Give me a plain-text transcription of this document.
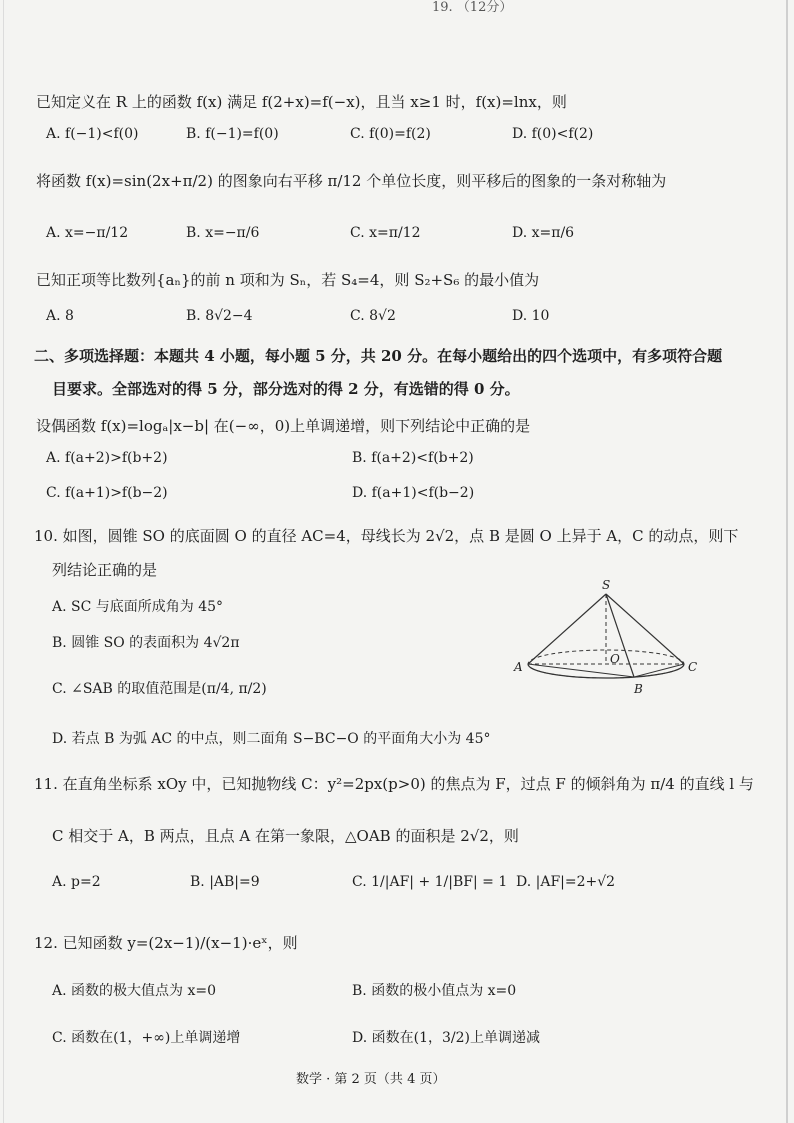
19. （12分）
已知定义在 R 上的函数 f(x) 满足 f(2+x)=f(−x)，且当 x≥1 时，f(x)=lnx，则
A. f(−1)<f(0)	B. f(−1)=f(0)	C. f(0)=f(2)	D. f(0)<f(2)
将函数 f(x)=sin(2x+π/2) 的图象向右平移 π/12 个单位长度，则平移后的图象的一条对称轴为
A. x=−π/12	B. x=−π/6	C. x=π/12	D. x=π/6
已知正项等比数列{aₙ}的前 n 项和为 Sₙ，若 S₄=4，则 S₂+S₆ 的最小值为
A. 8	B. 8√2−4	C. 8√2	D. 10
二、多项选择题：本题共 4 小题，每小题 5 分，共 20 分。在每小题给出的四个选项中，有多项符合题
目要求。全部选对的得 5 分，部分选对的得 2 分，有选错的得 0 分。
设偶函数 f(x)=logₐ|x−b| 在(−∞，0)上单调递增，则下列结论中正确的是
A. f(a+2)>f(b+2)	B. f(a+2)<f(b+2)
C. f(a+1)>f(b−2)	D. f(a+1)<f(b−2)
10. 如图，圆锥 SO 的底面圆 O 的直径 AC=4，母线长为 2√2，点 B 是圆 O 上异于 A，C 的动点，则下
列结论正确的是
A. SC 与底面所成角为 45°
B. 圆锥 SO 的表面积为 4√2π
C. ∠SAB 的取值范围是(π/4, π/2)
D. 若点 B 为弧 AC 的中点，则二面角 S−BC−O 的平面角大小为 45°
S
A
O
C
B
11. 在直角坐标系 xOy 中，已知抛物线 C：y²=2px(p>0) 的焦点为 F，过点 F 的倾斜角为 π/4 的直线 l 与
C 相交于 A，B 两点，且点 A 在第一象限，△OAB 的面积是 2√2，则
A. p=2	B. |AB|=9	C. 1/|AF| + 1/|BF| = 1 D. |AF|=2+√2
12. 已知函数 y=(2x−1)/(x−1)·eˣ，则
A. 函数的极大值点为 x=0	B. 函数的极小值点为 x=0
C. 函数在(1，+∞)上单调递增	D. 函数在(1，3/2)上单调递减
数学 · 第 2 页（共 4 页）
